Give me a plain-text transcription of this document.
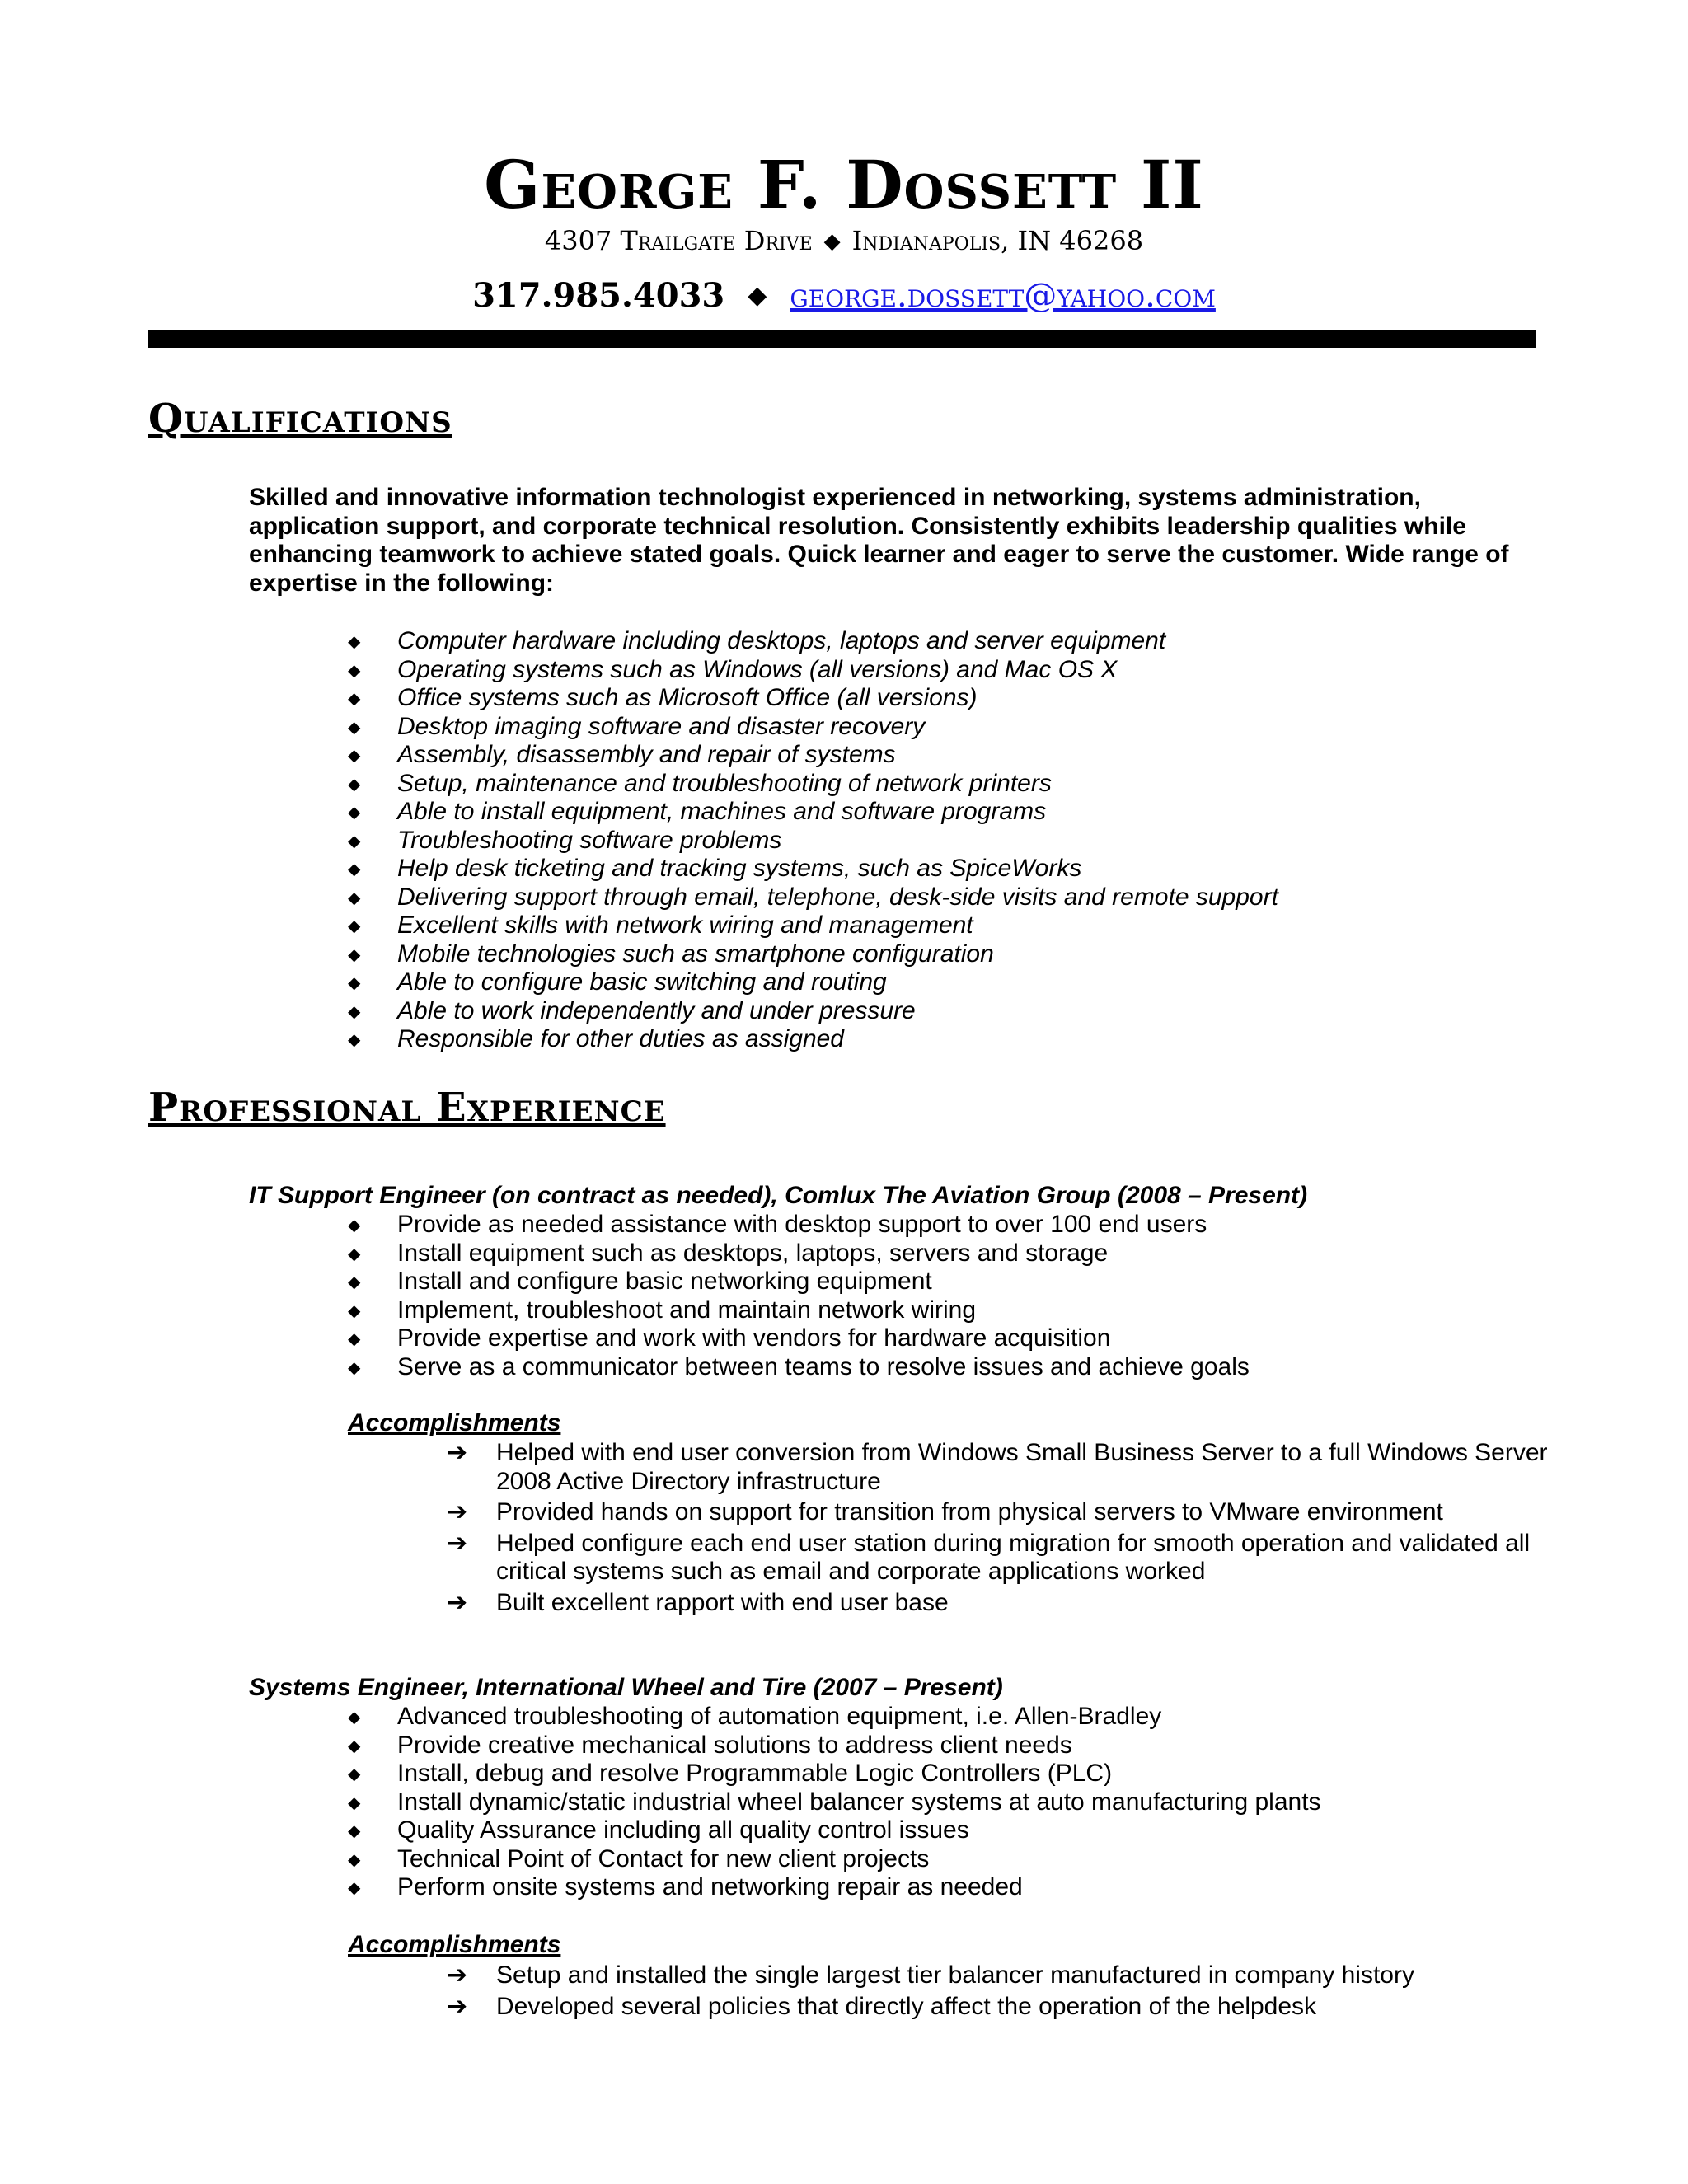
George F. Dossett II
4307 Trailgate Drive ◆ Indianapolis, IN 46268
317.985.4033 ◆ george.dossett@yahoo.com
Qualifications
Skilled and innovative information technologist experienced in networking, systems administration, application support, and corporate technical resolution. Consistently exhibits leadership qualities while enhancing teamwork to achieve stated goals. Quick learner and eager to serve the customer. Wide range of expertise in the following:
◆ Computer hardware including desktops, laptops and server equipment
◆ Operating systems such as Windows (all versions) and Mac OS X
◆ Office systems such as Microsoft Office (all versions)
◆ Desktop imaging software and disaster recovery
◆ Assembly, disassembly and repair of systems
◆ Setup, maintenance and troubleshooting of network printers
◆ Able to install equipment, machines and software programs
◆ Troubleshooting software problems
◆ Help desk ticketing and tracking systems, such as SpiceWorks
◆ Delivering support through email, telephone, desk-side visits and remote support
◆ Excellent skills with network wiring and management
◆ Mobile technologies such as smartphone configuration
◆ Able to configure basic switching and routing
◆ Able to work independently and under pressure
◆ Responsible for other duties as assigned
Professional Experience
IT Support Engineer (on contract as needed), Comlux The Aviation Group (2008 – Present)
◆ Provide as needed assistance with desktop support to over 100 end users
◆ Install equipment such as desktops, laptops, servers and storage
◆ Install and configure basic networking equipment
◆ Implement, troubleshoot and maintain network wiring
◆ Provide expertise and work with vendors for hardware acquisition
◆ Serve as a communicator between teams to resolve issues and achieve goals
Accomplishments
➔ Helped with end user conversion from Windows Small Business Server to a full Windows Server 2008 Active Directory infrastructure
➔ Provided hands on support for transition from physical servers to VMware environment
➔ Helped configure each end user station during migration for smooth operation and validated all critical systems such as email and corporate applications worked
➔ Built excellent rapport with end user base
Systems Engineer, International Wheel and Tire (2007 – Present)
◆ Advanced troubleshooting of automation equipment, i.e. Allen-Bradley
◆ Provide creative mechanical solutions to address client needs
◆ Install, debug and resolve Programmable Logic Controllers (PLC)
◆ Install dynamic/static industrial wheel balancer systems at auto manufacturing plants
◆ Quality Assurance including all quality control issues
◆ Technical Point of Contact for new client projects
◆ Perform onsite systems and networking repair as needed
Accomplishments
➔ Setup and installed the single largest tier balancer manufactured in company history
➔ Developed several policies that directly affect the operation of the helpdesk
